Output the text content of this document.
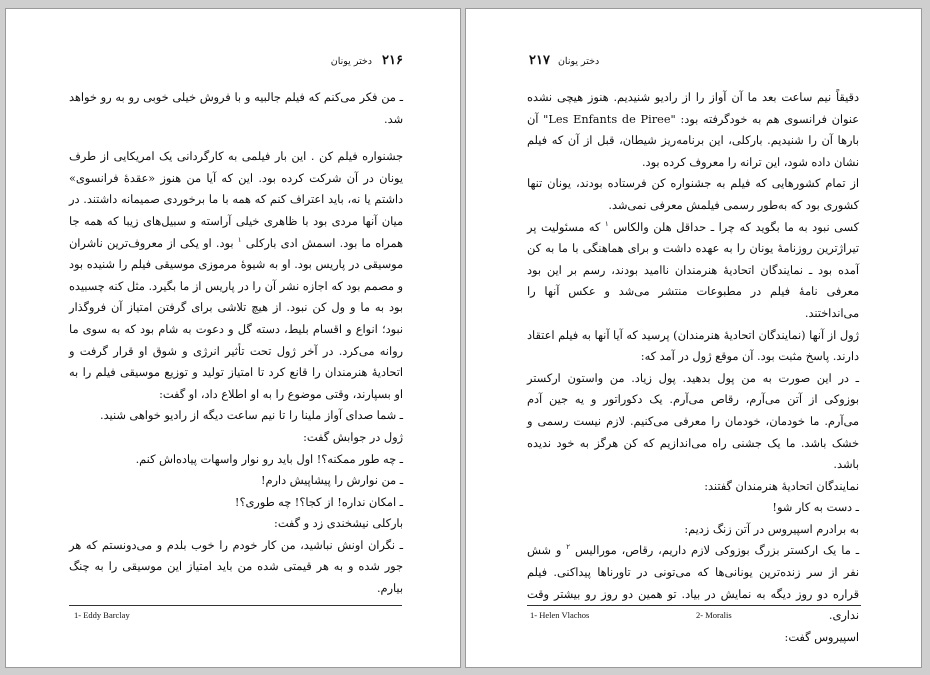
دختر یونان ۲۱۶

ـ من فکر می‌کنم که فیلم جالبیه و با فروش خیلی خوبی رو به رو خواهد شد.

جشنواره فیلم کن . این بار فیلمی به کارگردانی یک امریکایی از طرف یونان در آن شرکت کرده بود. این که آیا من هنوز «عقدهٔ فرانسوی» داشتم یا نه، باید اعتراف کنم که همه با ما برخوردی صمیمانه داشتند. در میان آنها مردی بود با ظاهری خیلی آراسته و سبیل‌های زیبا که همه جا همراه ما بود. اسمش ادی بارکلی $^۱$ بود. او یکی از معروف‌ترین ناشران موسیقی در پاریس بود. او به شیوهٔ مرموزی موسیقی فیلم را شنیده بود و مصمم بود که اجازه نشر آن را در پاریس از ما بگیرد. مثل کنه چسبیده بود به ما و ول کن نبود. از هیچ تلاشی برای گرفتن امتیاز آن فروگذار نبود؛ انواع و اقسام بلیط، دسته گل و دعوت به شام بود که به سوی ما روانه می‌کرد. در آخر ژول تحت تأثیر انرژی و شوق او قرار گرفت و اتحادیهٔ هنرمندان را قانع کرد تا امتیاز تولید و توزیع موسیقی فیلم را به او بسپارند، وقتی موضوع را به او اطلاع داد، او گفت:

ـ شما صدای آواز ملینا را تا نیم ساعت دیگه از رادیو خواهی شنید.

ژول در جوابش گفت:

ـ چه طور ممکنه؟! اول باید رو نوار واسهات پیاده‌اش کنم.

ـ من نوارش را پیشاپیش دارم!

ـ امکان نداره! از کجا؟! چه طوری؟!

بارکلی نیشخندی زد و گفت:

ـ نگران اونش نباشید، من کار خودم را خوب بلدم و می‌دونستم که هر جور شده و به هر قیمتی شده من باید امتیاز این موسیقی را به چنگ بیارم.

1- Eddy Barclay
۲۱۷ دختر یونان

دقیقاً نیم ساعت بعد ما آن آواز را از رادیو شنیدیم. هنوز هیچی نشده عنوان فرانسوی هم به خودگرفته بود: "Les Enfants de Piree" آن بارها آن را شنیدیم. بارکلی، این برنامه‌ریز شیطان، قبل از آن که فیلم نشان داده شود، این ترانه را معروف کرده بود.

از تمام کشورهایی که فیلم به جشنواره کن فرستاده بودند، یونان تنها کشوری بود که به‌طور رسمی فیلمش معرفی نمی‌شد.

کسی نبود به ما بگوید که چرا ـ حداقل هلن والکاس $^۱$ که مسئولیت پر تیراژترین روزنامهٔ یونان را به عهده داشت و برای هماهنگی با ما به کن آمده بود ـ نمایندگان اتحادیهٔ هنرمندان ناامید بودند، رسم بر این بود معرفی نامهٔ فیلم در مطبوعات منتشر می‌شد و عکس آنها را می‌انداختند.

ژول از آنها (نمایندگان اتحادیهٔ هنرمندان) پرسید که آیا آنها به فیلم اعتقاد دارند. پاسخ مثبت بود. آن موقع ژول در آمد که:

ـ در این صورت به من پول بدهید. پول زیاد. من واستون ارکستر بوزوکی از آتن می‌آرم، رقاص می‌آرم. یک دکوراتور و یه جین آدم می‌آرم. ما خودمان، خودمان را معرفی می‌کنیم. لازم نیست رسمی و خشک باشد. ما یک جشنی راه می‌اندازیم که کن هرگز به خود ندیده باشد.

نمایندگان اتحادیهٔ هنرمندان گفتند:

ـ دست به کار شو!

به برادرم اسپیروس در آتن زنگ زدیم:

ـ ما یک ارکستر بزرگ بوزوکی لازم داریم، رقاص، مورالیس $^۲$ و شش نفر از سر زنده‌ترین یونانی‌ها که می‌تونی در تاورناها پیداکنی. فیلم قراره دو روز دیگه به نمایش در بیاد. تو همین دو روز رو بیشتر وقت نداری.

اسپیروس گفت:

1- Helen Vlachos	2- Moralis
